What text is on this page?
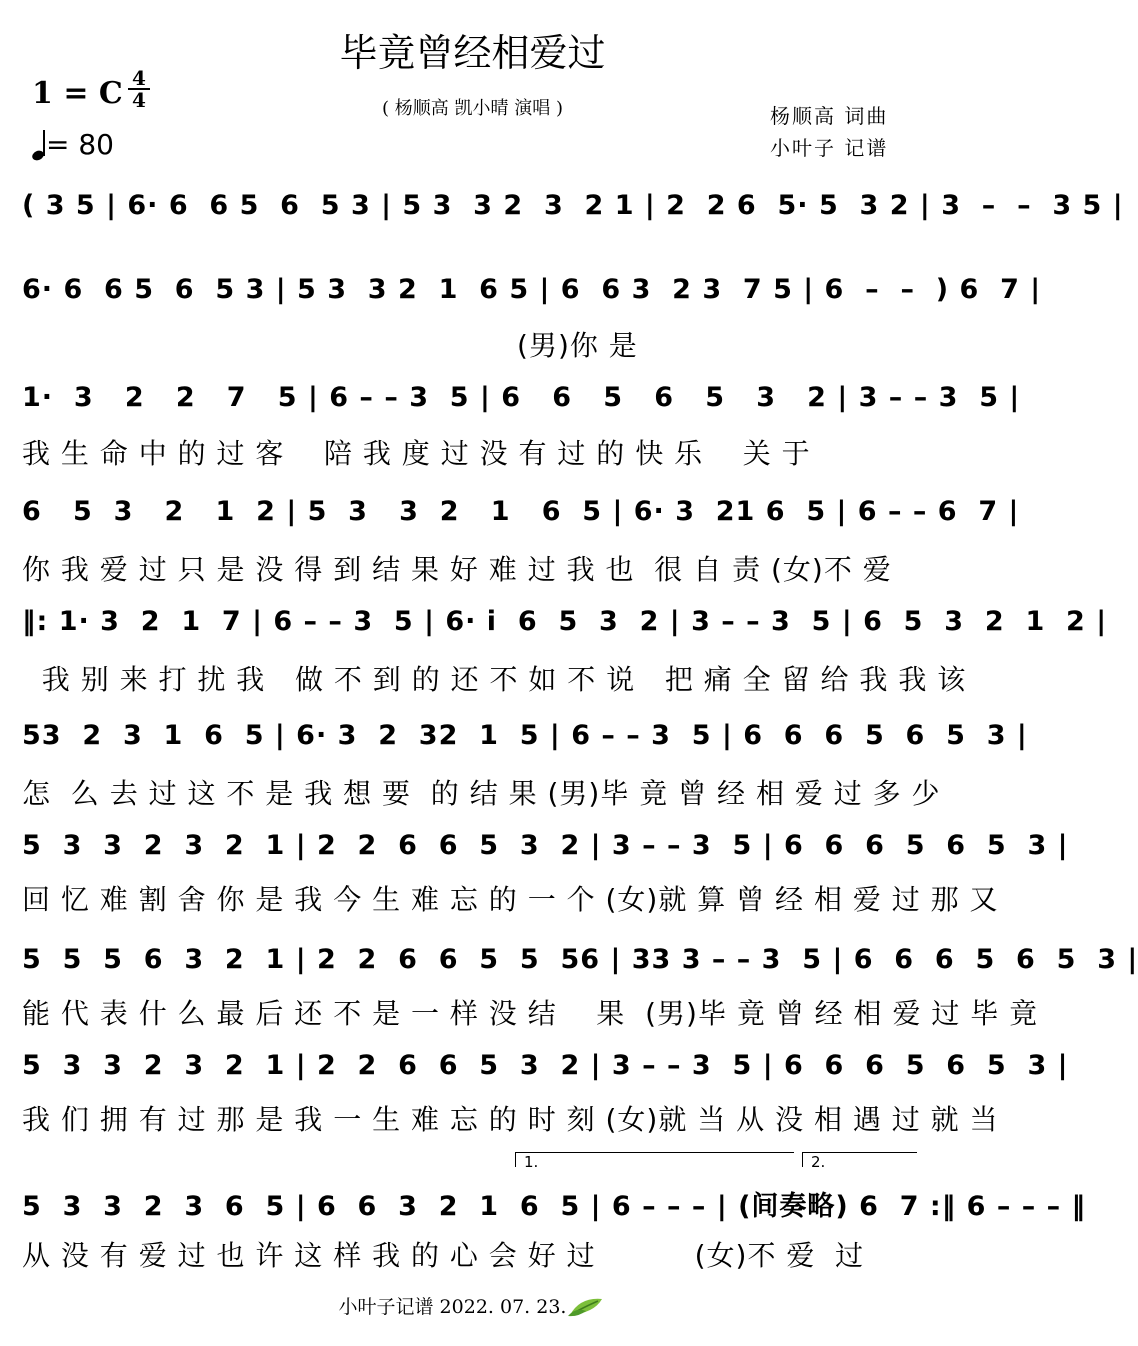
毕竟曾经相爱过
1 = C 4
4
= 80
( 杨顺高 凯小晴 演唱 )	杨顺高 词曲
小叶子 记谱
( 3 5 | 6· 6  6 5  6  5 3 | 5 3  3 2  3  2 1 | 2  2 6  5· 5  3 2 | 3  –  –  3 5 |
6· 6  6 5  6  5 3 | 5 3  3 2  1  6 5 | 6  6 3  2 3  7 5 | 6  –  –  ) 6  7 |
(男)你 是
1·  3   2   2   7   5 | 6 – – 3  5 | 6   6   5   6   5   3   2 | 3 – – 3  5 |
我 生 命 中 的 过 客    陪 我 度 过 没 有 过 的 快 乐    关 于
6   5  3   2   1  2 | 5  3   3  2   1   6  5 | 6· 3  21 6  5 | 6 – – 6  7 |
你 我 爱 过 只 是 没 得 到 结 果 好 难 过 我 也  很 自 责 (女)不 爱
‖: 1· 3  2  1  7 | 6 – – 3  5 | 6· i  6  5  3  2 | 3 – – 3  5 | 6  5  3  2  1  2 |
我 别 来 打 扰 我   做 不 到 的 还 不 如 不 说   把 痛 全 留 给 我 我 该
53  2  3  1  6  5 | 6· 3  2  32  1  5 | 6 – – 3  5 | 6  6  6  5  6  5  3 |
怎  么 去 过 这 不 是 我 想 要  的 结 果 (男)毕 竟 曾 经 相 爱 过 多 少
5  3  3  2  3  2  1 | 2  2  6  6  5  3  2 | 3 – – 3  5 | 6  6  6  5  6  5  3 |
回 忆 难 割 舍 你 是 我 今 生 难 忘 的 一 个 (女)就 算 曾 经 相 爱 过 那 又
5  5  5  6  3  2  1 | 2  2  6  6  5  5  56 | 33 3 – – 3  5 | 6  6  6  5  6  5  3 |
能 代 表 什 么 最 后 还 不 是 一 样 没 结    果  (男)毕 竟 曾 经 相 爱 过 毕 竟
5  3  3  2  3  2  1 | 2  2  6  6  5  3  2 | 3 – – 3  5 | 6  6  6  5  6  5  3 |
我 们 拥 有 过 那 是 我 一 生 难 忘 的 时 刻 (女)就 当 从 没 相 遇 过 就 当
1.	2.
5  3  3  2  3  6  5 | 6  6  3  2  1  6  5 | 6 – – – | (间奏略) 6  7 :‖ 6 – – – ‖
从 没 有 爱 过 也 许 这 样 我 的 心 会 好 过          (女)不 爱  过
小叶子记谱 2022. 07. 23.
